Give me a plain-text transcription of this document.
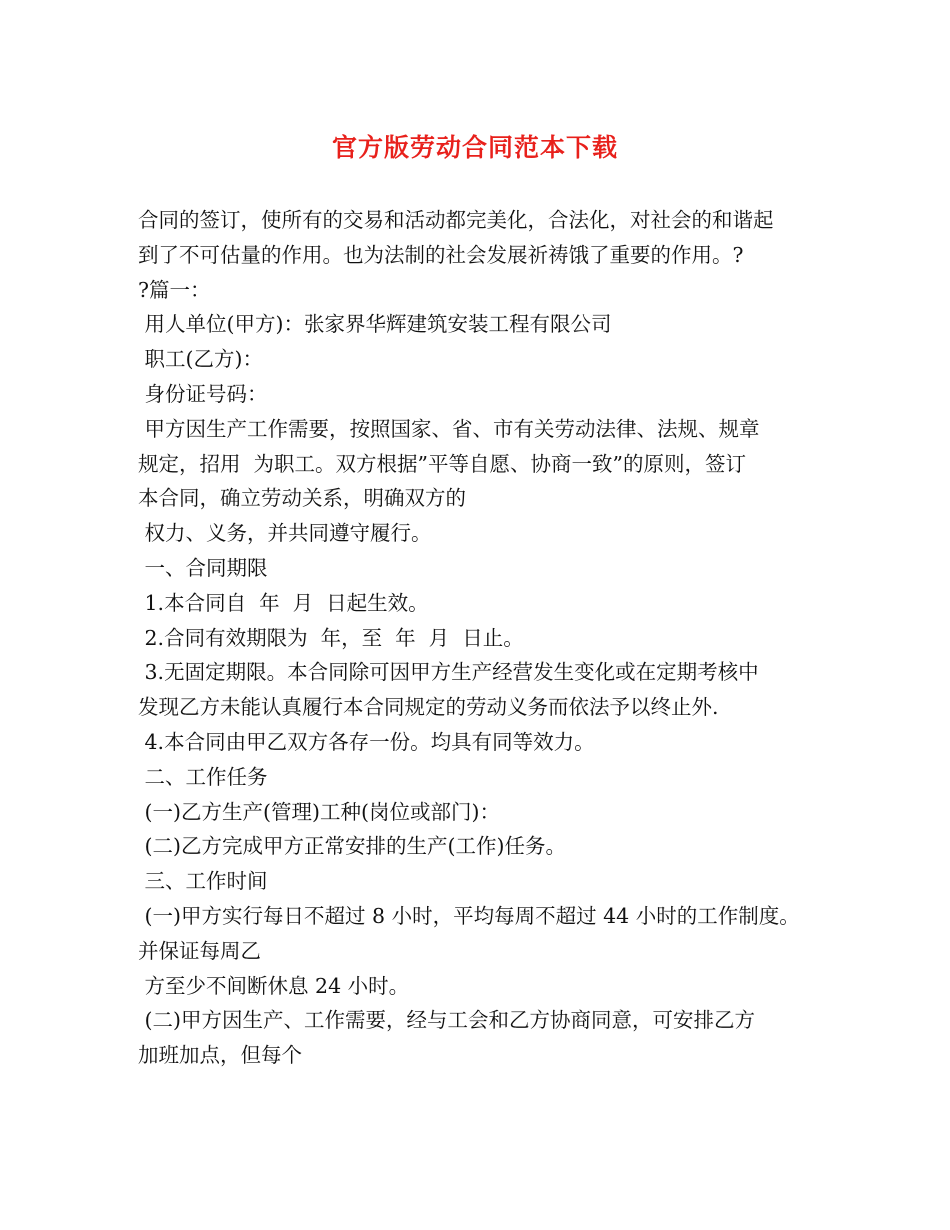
官方版劳动合同范本下载
合同的签订，使所有的交易和活动都完美化，合法化，对社会的和谐起
到了不可估量的作用。也为法制的社会发展祈祷饿了重要的作用。?
?篇一：
用人单位(甲方)：张家界华辉建筑安装工程有限公司
职工(乙方)：
身份证号码：
甲方因生产工作需要，按照国家、省、市有关劳动法律、法规、规章
规定，招用  为职工。双方根据”平等自愿、协商一致”的原则，签订
本合同，确立劳动关系，明确双方的
权力、义务，并共同遵守履行。
一、合同期限
1.本合同自  年  月  日起生效。
2.合同有效期限为  年，至  年  月  日止。
3.无固定期限。本合同除可因甲方生产经营发生变化或在定期考核中
发现乙方未能认真履行本合同规定的劳动义务而依法予以终止外.
4.本合同由甲乙双方各存一份。均具有同等效力。
二、工作任务
(一)乙方生产(管理)工种(岗位或部门)：
(二)乙方完成甲方正常安排的生产(工作)任务。
三、工作时间
(一)甲方实行每日不超过 8 小时，平均每周不超过 44 小时的工作制度。
并保证每周乙
方至少不间断休息 24 小时。
(二)甲方因生产、工作需要，经与工会和乙方协商同意，可安排乙方
加班加点，但每个
